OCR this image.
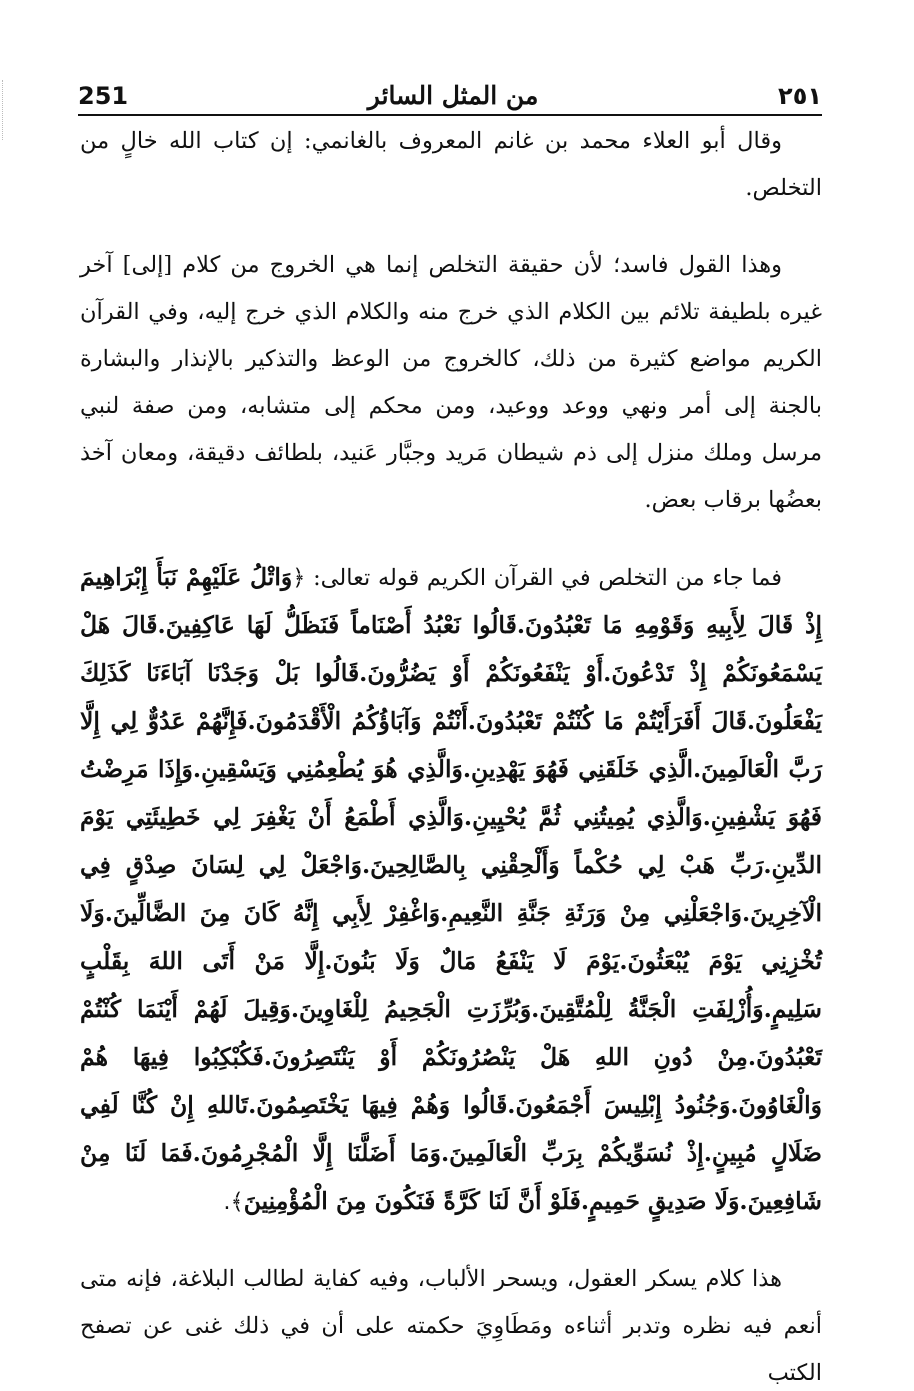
٢٥١
من المثل السائر
251

وقال أبو العلاء محمد بن غانم المعروف بالغانمي: إن كتاب الله خالٍ من التخلص.

وهذا القول فاسد؛ لأن حقيقة التخلص إنما هي الخروج من كلام [إلى] آخر غيره بلطيفة تلائم بين الكلام الذي خرج منه والكلام الذي خرج إليه، وفي القرآن الكريم مواضع كثيرة من ذلك، كالخروج من الوعظ والتذكير بالإنذار والبشارة بالجنة إلى أمر ونهي ووعد ووعيد، ومن محكم إلى متشابه، ومن صفة لنبي مرسل وملك منزل إلى ذم شيطان مَريد وجبَّار عَنيد، بلطائف دقيقة، ومعان آخذ بعضُها برقاب بعض.

فما جاء من التخلص في القرآن الكريم قوله تعالى: ﴿وَاتْلُ عَلَيْهِمْ نَبَأَ إِبْرَاهِيمَ إِذْ قَالَ لِأَبِيهِ وَقَوْمِهِ مَا تَعْبُدُونَ.قَالُوا نَعْبُدُ أَصْنَاماً فَنَظَلُّ لَهَا عَاكِفِينَ.قَالَ هَلْ يَسْمَعُونَكُمْ إِذْ تَدْعُونَ.أَوْ يَنْفَعُونَكُمْ أَوْ يَضُرُّونَ.قَالُوا بَلْ وَجَدْنَا آبَاءَنَا كَذَلِكَ يَفْعَلُونَ.قَالَ أَفَرَأَيْتُمْ مَا كُنْتُمْ تَعْبُدُونَ.أَنْتُمْ وَآبَاؤُكُمُ الْأَقْدَمُونَ.فَإِنَّهُمْ عَدُوٌّ لِي إِلَّا رَبَّ الْعَالَمِينَ.الَّذِي خَلَقَنِي فَهُوَ يَهْدِينِ.وَالَّذِي هُوَ يُطْعِمُنِي وَيَسْقِينِ.وَإِذَا مَرِضْتُ فَهُوَ يَشْفِينِ.وَالَّذِي يُمِيتُنِي ثُمَّ يُحْيِينِ.وَالَّذِي أَطْمَعُ أَنْ يَغْفِرَ لِي خَطِيئَتِي يَوْمَ الدِّينِ.رَبِّ هَبْ لِي حُكْماً وَأَلْحِقْنِي بِالصَّالِحِينَ.وَاجْعَلْ لِي لِسَانَ صِدْقٍ فِي الْآخِرِينَ.وَاجْعَلْنِي مِنْ وَرَثَةِ جَنَّةِ النَّعِيمِ.وَاغْفِرْ لِأَبِي إِنَّهُ كَانَ مِنَ الضَّالِّينَ.وَلَا تُخْزِنِي يَوْمَ يُبْعَثُونَ.يَوْمَ لَا يَنْفَعُ مَالٌ وَلَا بَنُونَ.إِلَّا مَنْ أَتَى اللهَ بِقَلْبٍ سَلِيمٍ.وَأُزْلِفَتِ الْجَنَّةُ لِلْمُتَّقِينَ.وَبُرِّزَتِ الْجَحِيمُ لِلْغَاوِينَ.وَقِيلَ لَهُمْ أَيْنَمَا كُنْتُمْ تَعْبُدُونَ.مِنْ دُونِ اللهِ هَلْ يَنْصُرُونَكُمْ أَوْ يَنْتَصِرُونَ.فَكُبْكِبُوا فِيهَا هُمْ وَالْغَاوُونَ.وَجُنُودُ إِبْلِيسَ أَجْمَعُونَ.قَالُوا وَهُمْ فِيهَا يَخْتَصِمُونَ.تَاللهِ إِنْ كُنَّا لَفِي ضَلَالٍ مُبِينٍ.إِذْ نُسَوِّيكُمْ بِرَبِّ الْعَالَمِينَ.وَمَا أَضَلَّنَا إِلَّا الْمُجْرِمُونَ.فَمَا لَنَا مِنْ شَافِعِينَ.وَلَا صَدِيقٍ حَمِيمٍ.فَلَوْ أَنَّ لَنَا كَرَّةً فَنَكُونَ مِنَ الْمُؤْمِنِينَ﴾.

هذا كلام يسكر العقول، ويسحر الألباب، وفيه كفاية لطالب البلاغة، فإنه متى أنعم فيه نظره وتدبر أثناءه ومَطَاوِيَ حكمته على أن في ذلك غنى عن تصفح الكتب
